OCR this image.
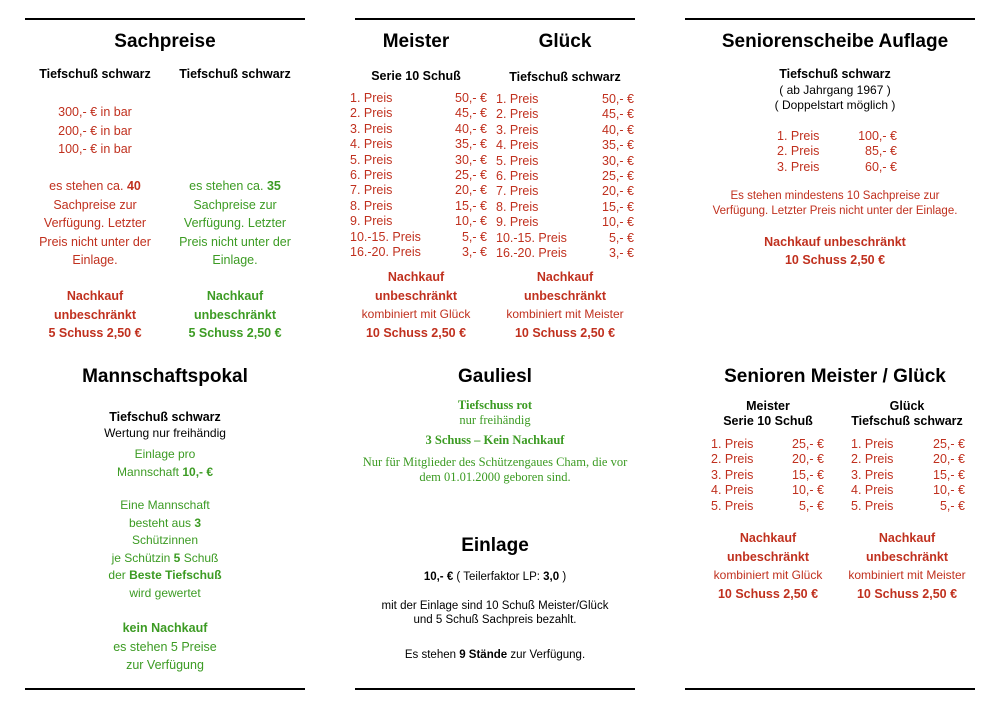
Sachpreise
Tiefschuß schwarz	Tiefschuß schwarz
300,- € in bar
200,- € in bar
100,- € in bar
es stehen ca. 40
Sachpreise zur
Verfügung. Letzter
Preis nicht unter der
Einlage.
es stehen ca. 35
Sachpreise zur
Verfügung. Letzter
Preis nicht unter der
Einlage.
Nachkauf
unbeschränkt
5 Schuss 2,50 €
Nachkauf
unbeschränkt
5 Schuss 2,50 €
Meister
Serie 10 Schuß
1. Preis	50,- €
2. Preis	45,- €
3. Preis	40,- €
4. Preis	35,- €
5. Preis	30,- €
6. Preis	25,- €
7. Preis	20,- €
8. Preis	15,- €
9. Preis	10,- €
10.-15. Preis	5,- €
16.-20. Preis	3,- €
Nachkauf
unbeschränkt
kombiniert mit Glück
10 Schuss 2,50 €
Glück
Tiefschuß schwarz
1. Preis	50,- €
2. Preis	45,- €
3. Preis	40,- €
4. Preis	35,- €
5. Preis	30,- €
6. Preis	25,- €
7. Preis	20,- €
8. Preis	15,- €
9. Preis	10,- €
10.-15. Preis	5,- €
16.-20. Preis	3,- €
Nachkauf
unbeschränkt
kombiniert mit Meister
10 Schuss 2,50 €
Seniorenscheibe Auflage
Tiefschuß schwarz
( ab Jahrgang 1967 )
( Doppelstart möglich )
1. Preis	100,- €
2. Preis	85,- €
3. Preis	60,- €
Es stehen mindestens 10 Sachpreise zur
Verfügung. Letzter Preis nicht unter der Einlage.
Nachkauf unbeschränkt
10 Schuss 2,50 €
Mannschaftspokal
Tiefschuß schwarz
Wertung nur freihändig
Einlage pro
Mannschaft 10,- €
Eine Mannschaft
besteht aus 3
Schützinnen
je Schützin 5 Schuß
der Beste Tiefschuß
wird gewertet
kein Nachkauf
es stehen 5 Preise
zur Verfügung
Gauliesl
Tiefschuss rot
nur freihändig
3 Schuss – Kein Nachkauf
Nur für Mitglieder des Schützengaues Cham, die vor
dem 01.01.2000 geboren sind.
Einlage
10,- € ( Teilerfaktor LP: 3,0 )
mit der Einlage sind 10 Schuß Meister/Glück
und 5 Schuß Sachpreis bezahlt.
Es stehen 9 Stände zur Verfügung.
Senioren Meister / Glück
Meister
Serie 10 Schuß
Glück
Tiefschuß schwarz
1. Preis	25,- €
2. Preis	20,- €
3. Preis	15,- €
4. Preis	10,- €
5. Preis	5,- €
1. Preis	25,- €
2. Preis	20,- €
3. Preis	15,- €
4. Preis	10,- €
5. Preis	5,- €
Nachkauf
unbeschränkt
kombiniert mit Glück
10 Schuss 2,50 €
Nachkauf
unbeschränkt
kombiniert mit Meister
10 Schuss 2,50 €
